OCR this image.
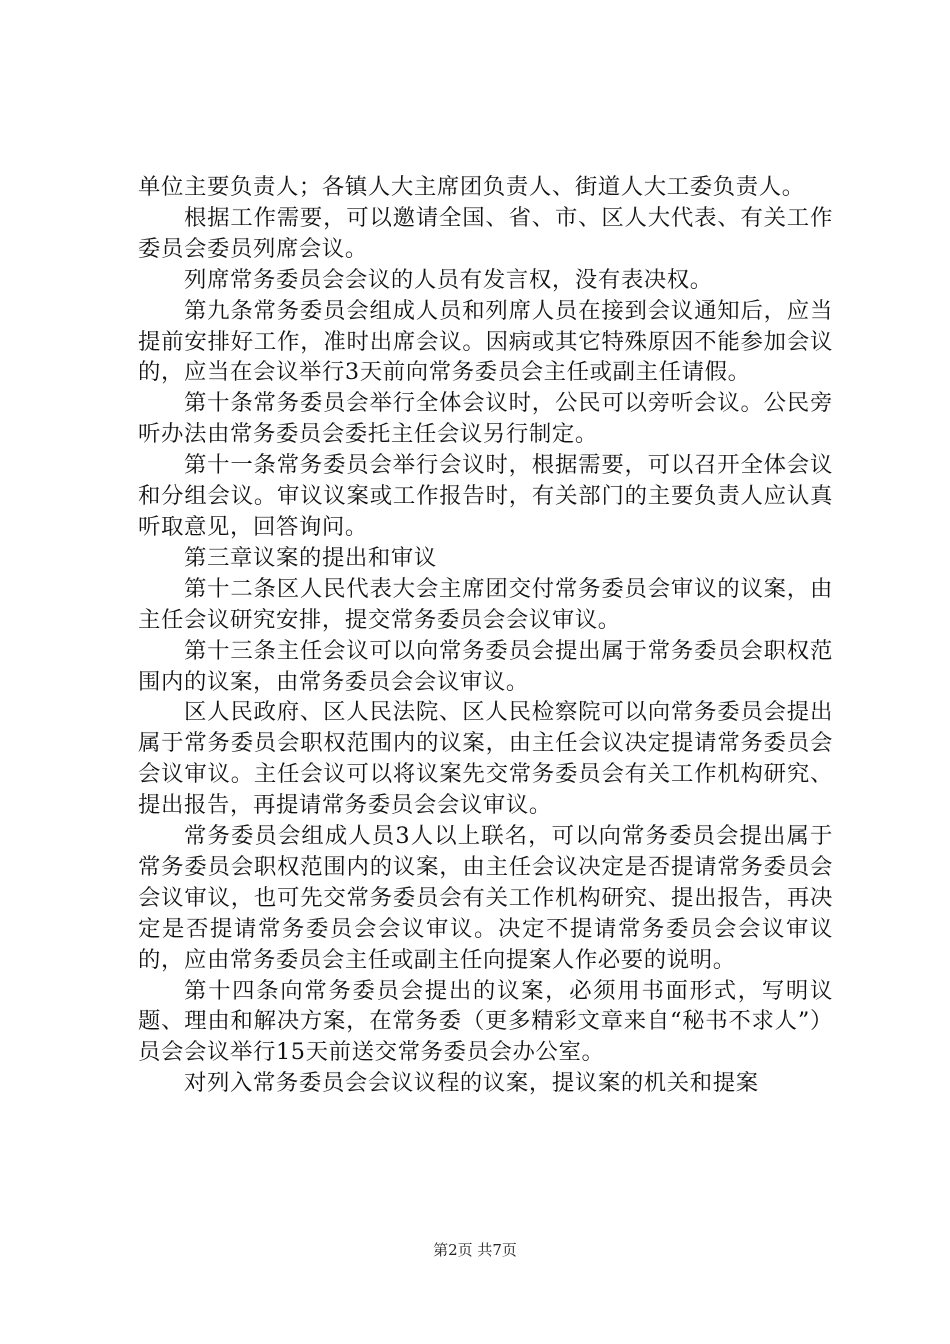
单位主要负责人；各镇人大主席团负责人、街道人大工委负责人。

根据工作需要，可以邀请全国、省、市、区人大代表、有关工作委员会委员列席会议。

列席常务委员会会议的人员有发言权，没有表决权。

第九条常务委员会组成人员和列席人员在接到会议通知后，应当提前安排好工作，准时出席会议。因病或其它特殊原因不能参加会议的，应当在会议举行3天前向常务委员会主任或副主任请假。

第十条常务委员会举行全体会议时，公民可以旁听会议。公民旁听办法由常务委员会委托主任会议另行制定。

第十一条常务委员会举行会议时，根据需要，可以召开全体会议和分组会议。审议议案或工作报告时，有关部门的主要负责人应认真听取意见，回答询问。

第三章议案的提出和审议

第十二条区人民代表大会主席团交付常务委员会审议的议案，由主任会议研究安排，提交常务委员会会议审议。

第十三条主任会议可以向常务委员会提出属于常务委员会职权范围内的议案，由常务委员会会议审议。

区人民政府、区人民法院、区人民检察院可以向常务委员会提出属于常务委员会职权范围内的议案，由主任会议决定提请常务委员会会议审议。主任会议可以将议案先交常务委员会有关工作机构研究、提出报告，再提请常务委员会会议审议。

常务委员会组成人员3人以上联名，可以向常务委员会提出属于常务委员会职权范围内的议案，由主任会议决定是否提请常务委员会会议审议，也可先交常务委员会有关工作机构研究、提出报告，再决定是否提请常务委员会会议审议。决定不提请常务委员会会议审议的，应由常务委员会主任或副主任向提案人作必要的说明。

第十四条向常务委员会提出的议案，必须用书面形式，写明议题、理由和解决方案，在常务委（更多精彩文章来自“秘书不求人”）员会会议举行15天前送交常务委员会办公室。

对列入常务委员会会议议程的议案，提议案的机关和提案

第2页 共7页
